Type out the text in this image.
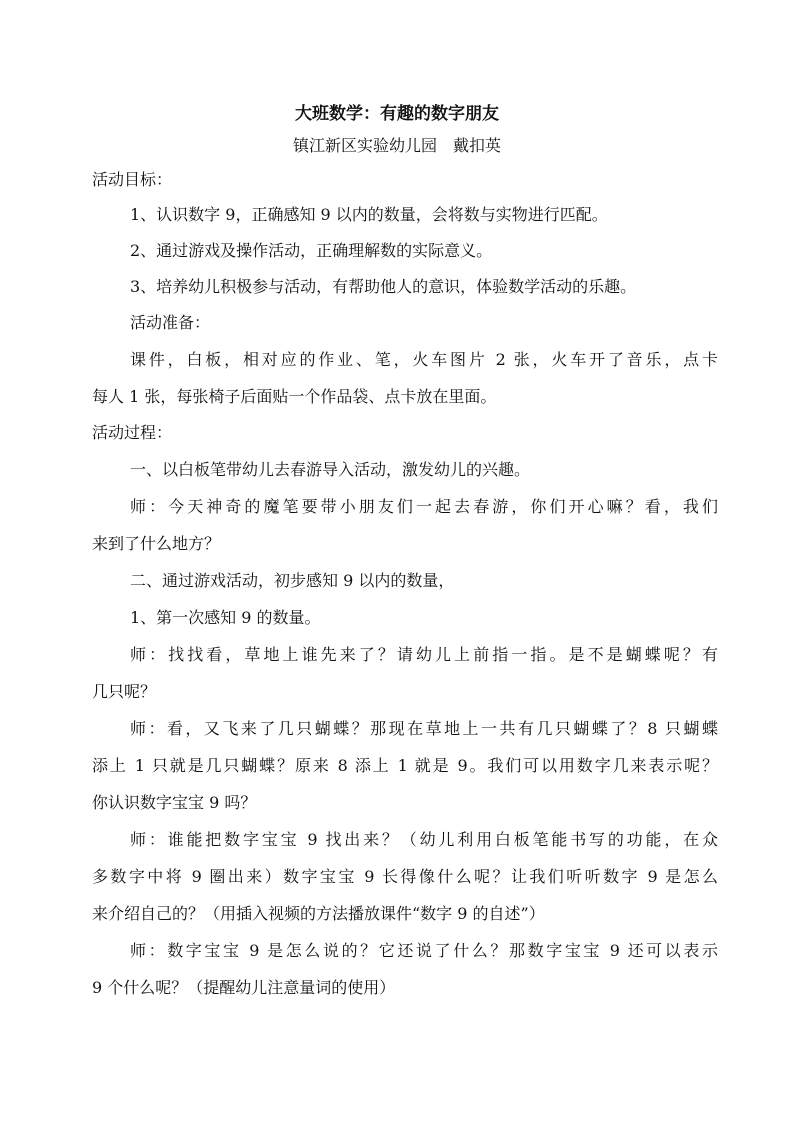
大班数学：有趣的数字朋友
镇江新区实验幼儿园　戴扣英
活动目标：
1、认识数字 9，正确感知 9 以内的数量，会将数与实物进行匹配。
2、通过游戏及操作活动，正确理解数的实际意义。
3、培养幼儿积极参与活动，有帮助他人的意识，体验数学活动的乐趣。
活动准备：
课件，白板，相对应的作业、笔，火车图片 2 张，火车开了音乐，点卡
每人 1 张，每张椅子后面贴一个作品袋、点卡放在里面。
活动过程：
一、以白板笔带幼儿去春游导入活动，激发幼儿的兴趣。
师：今天神奇的魔笔要带小朋友们一起去春游，你们开心嘛？看，我们
来到了什么地方？
二、通过游戏活动，初步感知 9 以内的数量，
1、第一次感知 9 的数量。
师：找找看，草地上谁先来了？请幼儿上前指一指。是不是蝴蝶呢？有
几只呢？
师：看，又飞来了几只蝴蝶？那现在草地上一共有几只蝴蝶了？8 只蝴蝶
添上 1 只就是几只蝴蝶？原来 8 添上 1 就是 9。我们可以用数字几来表示呢？
你认识数字宝宝 9 吗？
师：谁能把数字宝宝 9 找出来？（幼儿利用白板笔能书写的功能，在众
多数字中将 9 圈出来）数字宝宝 9 长得像什么呢？让我们听听数字 9 是怎么
来介绍自己的？（用插入视频的方法播放课件“数字 9 的自述”）
师：数字宝宝 9 是怎么说的？它还说了什么？那数字宝宝 9 还可以表示
9 个什么呢？（提醒幼儿注意量词的使用）
